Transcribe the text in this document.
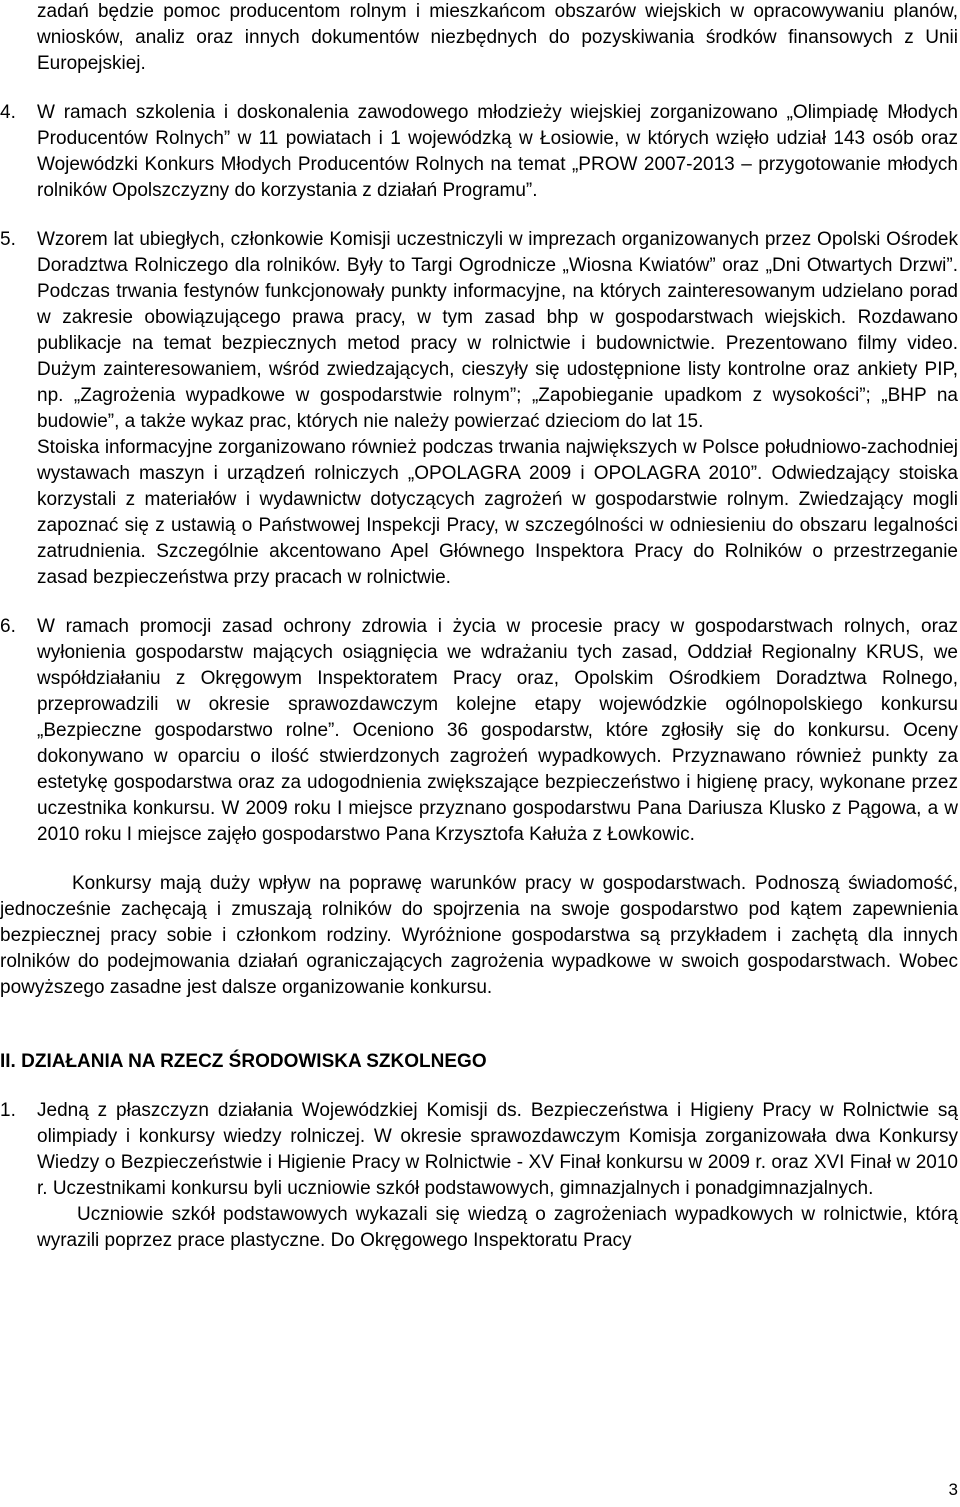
zadań będzie pomoc producentom rolnym i mieszkańcom obszarów wiejskich w opracowywaniu planów, wniosków, analiz oraz innych dokumentów niezbędnych do pozyskiwania środków finansowych z Unii Europejskiej.

4. W ramach szkolenia i doskonalenia zawodowego młodzieży wiejskiej zorganizowano „Olimpiadę Młodych Producentów Rolnych” w 11 powiatach i 1 wojewódzką w Łosiowie, w których wzięło udział 143 osób oraz Wojewódzki Konkurs Młodych Producentów Rolnych na temat „PROW 2007-2013 – przygotowanie młodych rolników Opolszczyzny do korzystania z działań Programu”.

5. Wzorem lat ubiegłych, członkowie Komisji uczestniczyli w imprezach organizowanych przez Opolski Ośrodek Doradztwa Rolniczego dla rolników. Były to Targi Ogrodnicze „Wiosna Kwiatów” oraz „Dni Otwartych Drzwi”. Podczas trwania festynów funkcjonowały punkty informacyjne, na których zainteresowanym udzielano porad w zakresie obowiązującego prawa pracy, w tym zasad bhp w gospodarstwach wiejskich. Rozdawano publikacje na temat bezpiecznych metod pracy w rolnictwie i budownictwie. Prezentowano filmy video. Dużym zainteresowaniem, wśród zwiedzających, cieszyły się udostępnione listy kontrolne oraz ankiety PIP, np. „Zagrożenia wypadkowe w gospodarstwie rolnym”; „Zapobieganie upadkom z wysokości”; „BHP na budowie”, a także wykaz prac, których nie należy powierzać dzieciom do lat 15.

Stoiska informacyjne zorganizowano również podczas trwania największych w Polsce południowo-zachodniej wystawach maszyn i urządzeń rolniczych „OPOLAGRA 2009 i OPOLAGRA 2010”. Odwiedzający stoiska korzystali z materiałów i wydawnictw dotyczących zagrożeń w gospodarstwie rolnym. Zwiedzający mogli zapoznać się z ustawią o Państwowej Inspekcji Pracy, w szczególności w odniesieniu do obszaru legalności zatrudnienia. Szczególnie akcentowano Apel Głównego Inspektora Pracy do Rolników o przestrzeganie zasad bezpieczeństwa przy pracach w rolnictwie.

6. W ramach promocji zasad ochrony zdrowia i życia w procesie pracy w gospodarstwach rolnych, oraz wyłonienia gospodarstw mających osiągnięcia we wdrażaniu tych zasad, Oddział Regionalny KRUS, we współdziałaniu z Okręgowym Inspektoratem Pracy oraz, Opolskim Ośrodkiem Doradztwa Rolnego, przeprowadzili w okresie sprawozdawczym kolejne etapy wojewódzkie ogólnopolskiego konkursu „Bezpieczne gospodarstwo rolne”. Oceniono 36 gospodarstw, które zgłosiły się do konkursu. Oceny dokonywano w oparciu o ilość stwierdzonych zagrożeń wypadkowych. Przyznawano również punkty za estetykę gospodarstwa oraz za udogodnienia zwiększające bezpieczeństwo i higienę pracy, wykonane przez uczestnika konkursu. W 2009 roku I miejsce przyznano gospodarstwu Pana Dariusza Klusko z Pągowa, a w 2010 roku I miejsce zajęło gospodarstwo Pana Krzysztofa Kałuża z Łowkowic.

Konkursy mają duży wpływ na poprawę warunków pracy w gospodarstwach. Podnoszą świadomość, jednocześnie zachęcają i zmuszają rolników do spojrzenia na swoje gospodarstwo pod kątem zapewnienia bezpiecznej pracy sobie i członkom rodziny. Wyróżnione gospodarstwa są przykładem i zachętą dla innych rolników do podejmowania działań ograniczających zagrożenia wypadkowe w swoich gospodarstwach. Wobec powyższego zasadne jest dalsze organizowanie konkursu.

II. DZIAŁANIA NA RZECZ ŚRODOWISKA SZKOLNEGO

1. Jedną z płaszczyzn działania Wojewódzkiej Komisji ds. Bezpieczeństwa i Higieny Pracy w Rolnictwie są olimpiady i konkursy wiedzy rolniczej. W okresie sprawozdawczym Komisja zorganizowała dwa Konkursy Wiedzy o Bezpieczeństwie i Higienie Pracy w Rolnictwie - XV Finał konkursu w 2009 r. oraz XVI Finał w 2010 r. Uczestnikami konkursu byli uczniowie szkół podstawowych, gimnazjalnych i ponadgimnazjalnych.

Uczniowie szkół podstawowych wykazali się wiedzą o zagrożeniach wypadkowych w rolnictwie, którą wyrazili poprzez prace plastyczne. Do Okręgowego Inspektoratu Pracy

3
